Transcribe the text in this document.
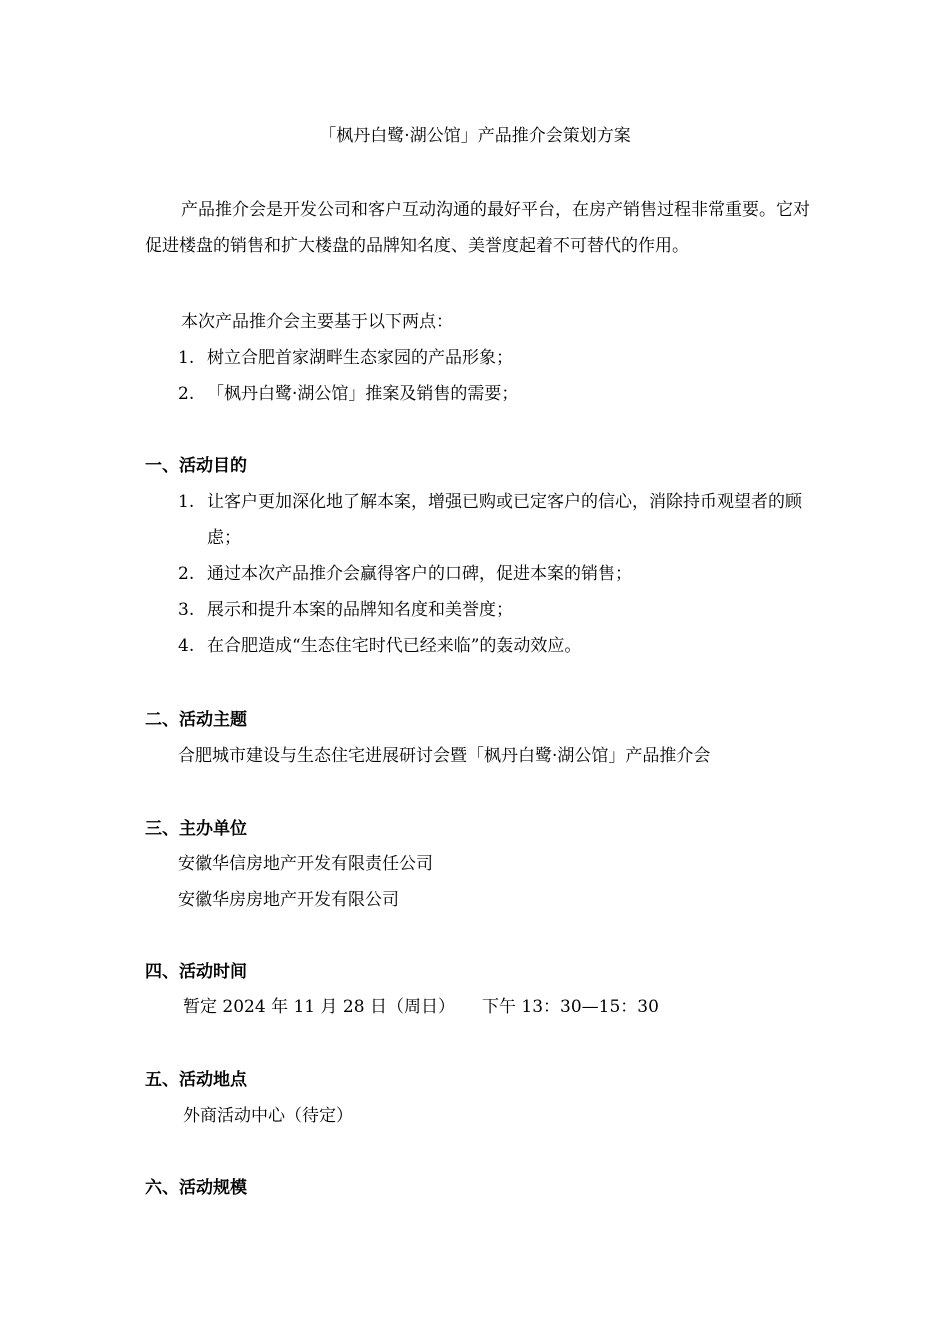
「枫丹白鹭·湖公馆」产品推介会策划方案
产品推介会是开发公司和客户互动沟通的最好平台，在房产销售过程非常重要。它对促进楼盘的销售和扩大楼盘的品牌知名度、美誉度起着不可替代的作用。
本次产品推介会主要基于以下两点：
1. 树立合肥首家湖畔生态家园的产品形象；
2. 「枫丹白鹭·湖公馆」推案及销售的需要；
一、活动目的
1. 让客户更加深化地了解本案，增强已购或已定客户的信心，消除持币观望者的顾虑；
2. 通过本次产品推介会赢得客户的口碑，促进本案的销售；
3. 展示和提升本案的品牌知名度和美誉度；
4. 在合肥造成“生态住宅时代已经来临”的轰动效应。
二、活动主题
合肥城市建设与生态住宅进展研讨会暨「枫丹白鹭·湖公馆」产品推介会
三、主办单位
安徽华信房地产开发有限责任公司
安徽华房房地产开发有限公司
四、活动时间
暂定 2024 年 11 月 28 日（周日）     下午 13：30—15：30
五、活动地点
外商活动中心（待定）
六、活动规模
